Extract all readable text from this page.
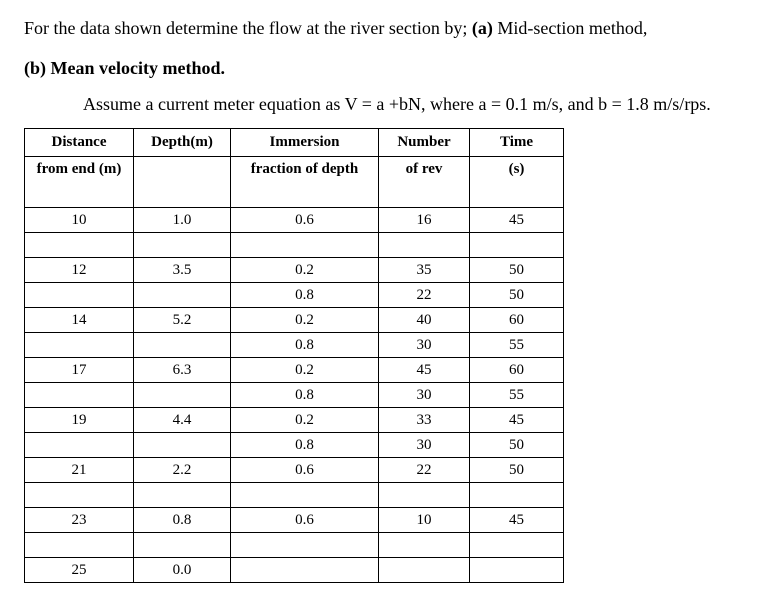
For the data shown determine the flow at the river section by; (a) Mid-section method,
(b) Mean velocity method.
Assume a current meter equation as V = a +bN, where a = 0.1 m/s, and b = 1.8 m/s/rps.
Distance	Depth(m)	Immersion	Number	Time
from end (m)		fraction of depth	of rev	(s)
10	1.0	0.6	16	45

12	3.5	0.2	35	50
		0.8	22	50
14	5.2	0.2	40	60
		0.8	30	55
17	6.3	0.2	45	60
		0.8	30	55
19	4.4	0.2	33	45
		0.8	30	50
21	2.2	0.6	22	50

23	0.8	0.6	10	45

25	0.0			
